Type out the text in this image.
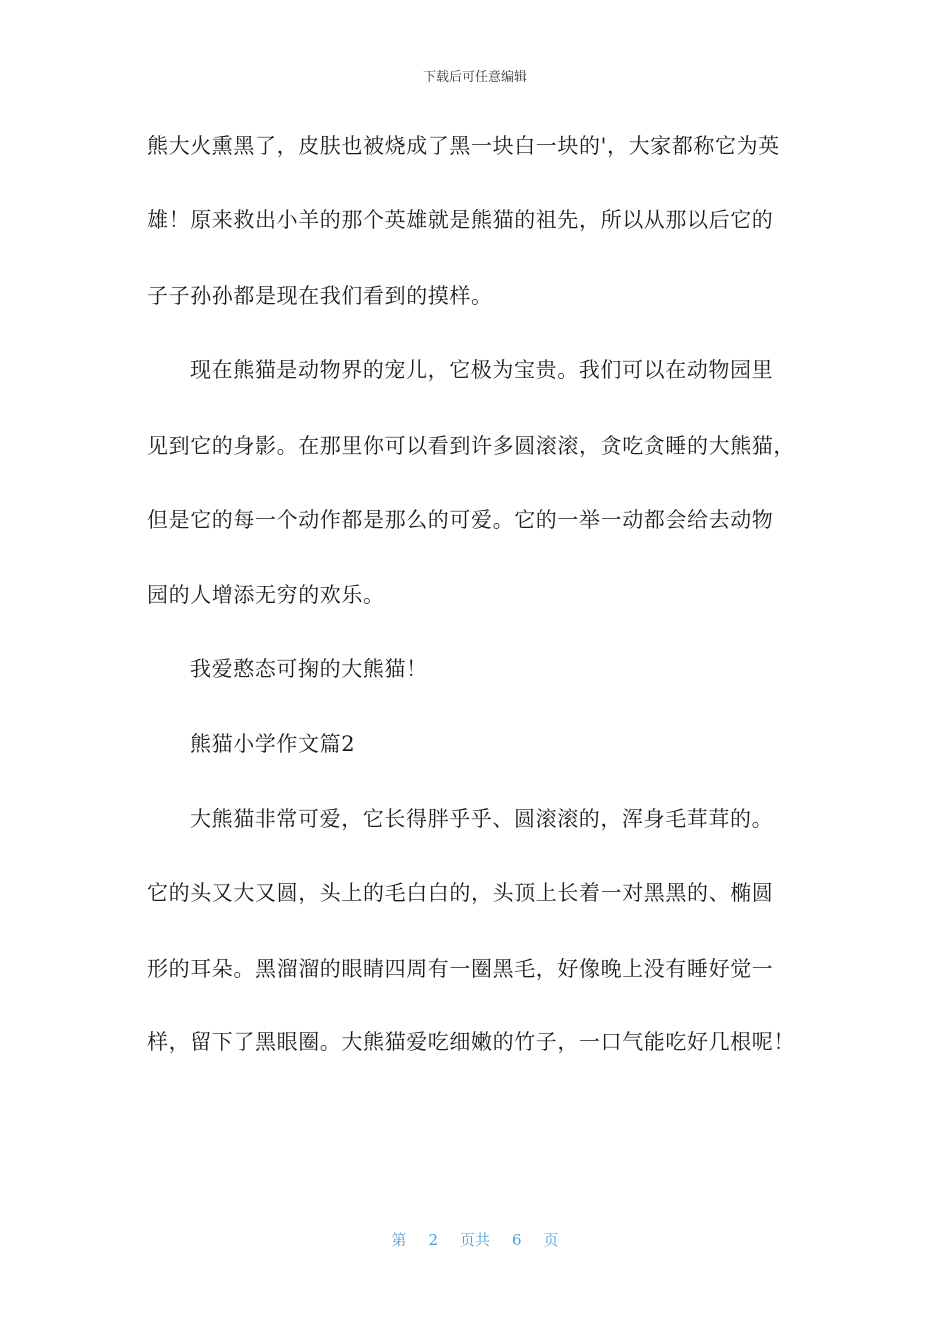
下载后可任意编辑
熊大火熏黑了，皮肤也被烧成了黑一块白一块的'，大家都称它为英
雄！原来救出小羊的那个英雄就是熊猫的祖先，所以从那以后它的
子子孙孙都是现在我们看到的摸样。
现在熊猫是动物界的宠儿，它极为宝贵。我们可以在动物园里
见到它的身影。在那里你可以看到许多圆滚滚，贪吃贪睡的大熊猫，
但是它的每一个动作都是那么的可爱。它的一举一动都会给去动物
园的人增添无穷的欢乐。
我爱憨态可掬的大熊猫！
熊猫小学作文篇2
大熊猫非常可爱，它长得胖乎乎、圆滚滚的，浑身毛茸茸的。
它的头又大又圆，头上的毛白白的，头顶上长着一对黑黑的、椭圆
形的耳朵。黑溜溜的眼睛四周有一圈黑毛，好像晚上没有睡好觉一
样，留下了黑眼圈。大熊猫爱吃细嫩的竹子，一口气能吃好几根呢！
第 2 页共 6 页
